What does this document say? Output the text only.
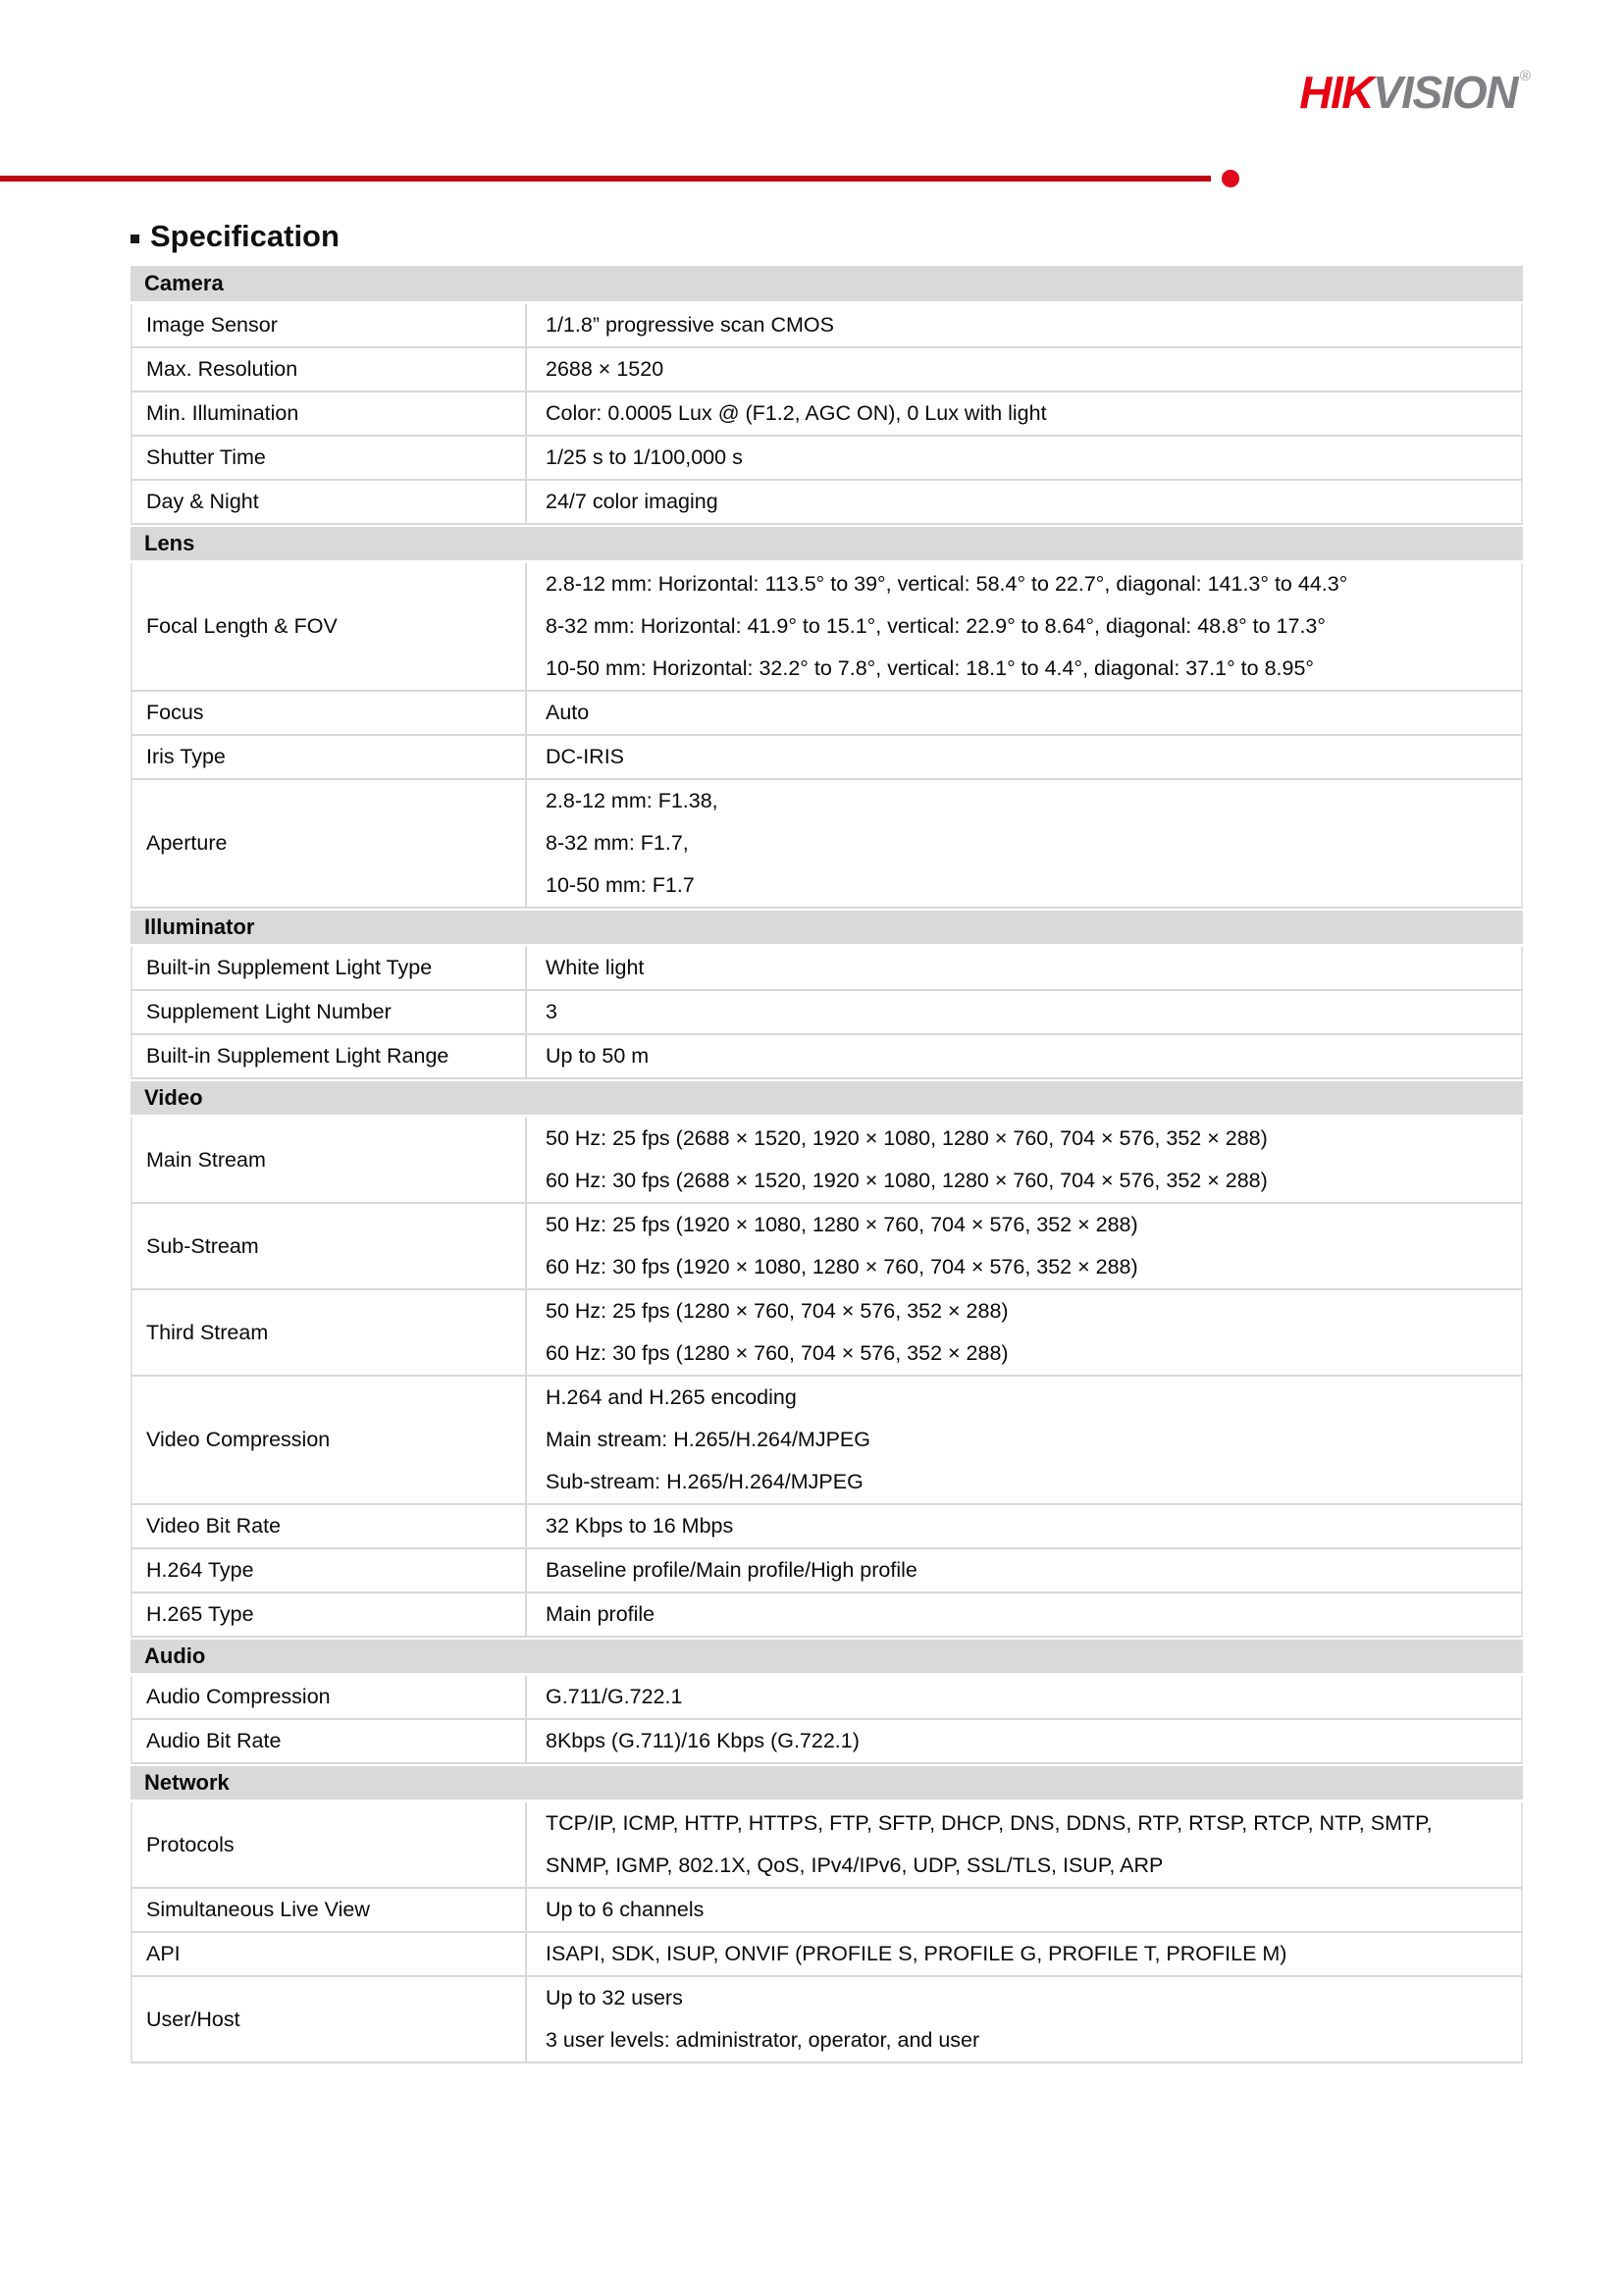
HIKVISION ®
Specification
Camera	
Image Sensor	1/1.8” progressive scan CMOS

Max. Resolution	2688 × 1520

Min. Illumination	Color: 0.0005 Lux @ (F1.2, AGC ON), 0 Lux with light

Shutter Time	1/25 s to 1/100,000 s

Day & Night	24/7 color imaging

Lens	
Focal Length & FOV	2.8-12 mm: Horizontal: 113.5° to 39°, vertical: 58.4° to 22.7°, diagonal: 141.3° to 44.3°
8-32 mm: Horizontal: 41.9° to 15.1°, vertical: 22.9° to 8.64°, diagonal: 48.8° to 17.3°
10-50 mm: Horizontal: 32.2° to 7.8°, vertical: 18.1° to 4.4°, diagonal: 37.1° to 8.95°

Focus	Auto

Iris Type	DC-IRIS

Aperture	2.8-12 mm: F1.38,
8-32 mm: F1.7,
10-50 mm: F1.7

Illuminator	
Built-in Supplement Light Type	White light

Supplement Light Number	3

Built-in Supplement Light Range	Up to 50 m

Video	
Main Stream	50 Hz: 25 fps (2688 × 1520, 1920 × 1080, 1280 × 760, 704 × 576, 352 × 288)
60 Hz: 30 fps (2688 × 1520, 1920 × 1080, 1280 × 760, 704 × 576, 352 × 288)

Sub-Stream	50 Hz: 25 fps (1920 × 1080, 1280 × 760, 704 × 576, 352 × 288)
60 Hz: 30 fps (1920 × 1080, 1280 × 760, 704 × 576, 352 × 288)

Third Stream	50 Hz: 25 fps (1280 × 760, 704 × 576, 352 × 288)
60 Hz: 30 fps (1280 × 760, 704 × 576, 352 × 288)

Video Compression	H.264 and H.265 encoding
Main stream: H.265/H.264/MJPEG
Sub-stream: H.265/H.264/MJPEG

Video Bit Rate	32 Kbps to 16 Mbps

H.264 Type	Baseline profile/Main profile/High profile

H.265 Type	Main profile

Audio	
Audio Compression	G.711/G.722.1

Audio Bit Rate	8Kbps (G.711)/16 Kbps (G.722.1)

Network	
Protocols	TCP/IP, ICMP, HTTP, HTTPS, FTP, SFTP, DHCP, DNS, DDNS, RTP, RTSP, RTCP, NTP, SMTP,
SNMP, IGMP, 802.1X, QoS, IPv4/IPv6, UDP, SSL/TLS, ISUP, ARP

Simultaneous Live View	Up to 6 channels

API	ISAPI, SDK, ISUP, ONVIF (PROFILE S, PROFILE G, PROFILE T, PROFILE M)

User/Host	Up to 32 users
3 user levels: administrator, operator, and user
